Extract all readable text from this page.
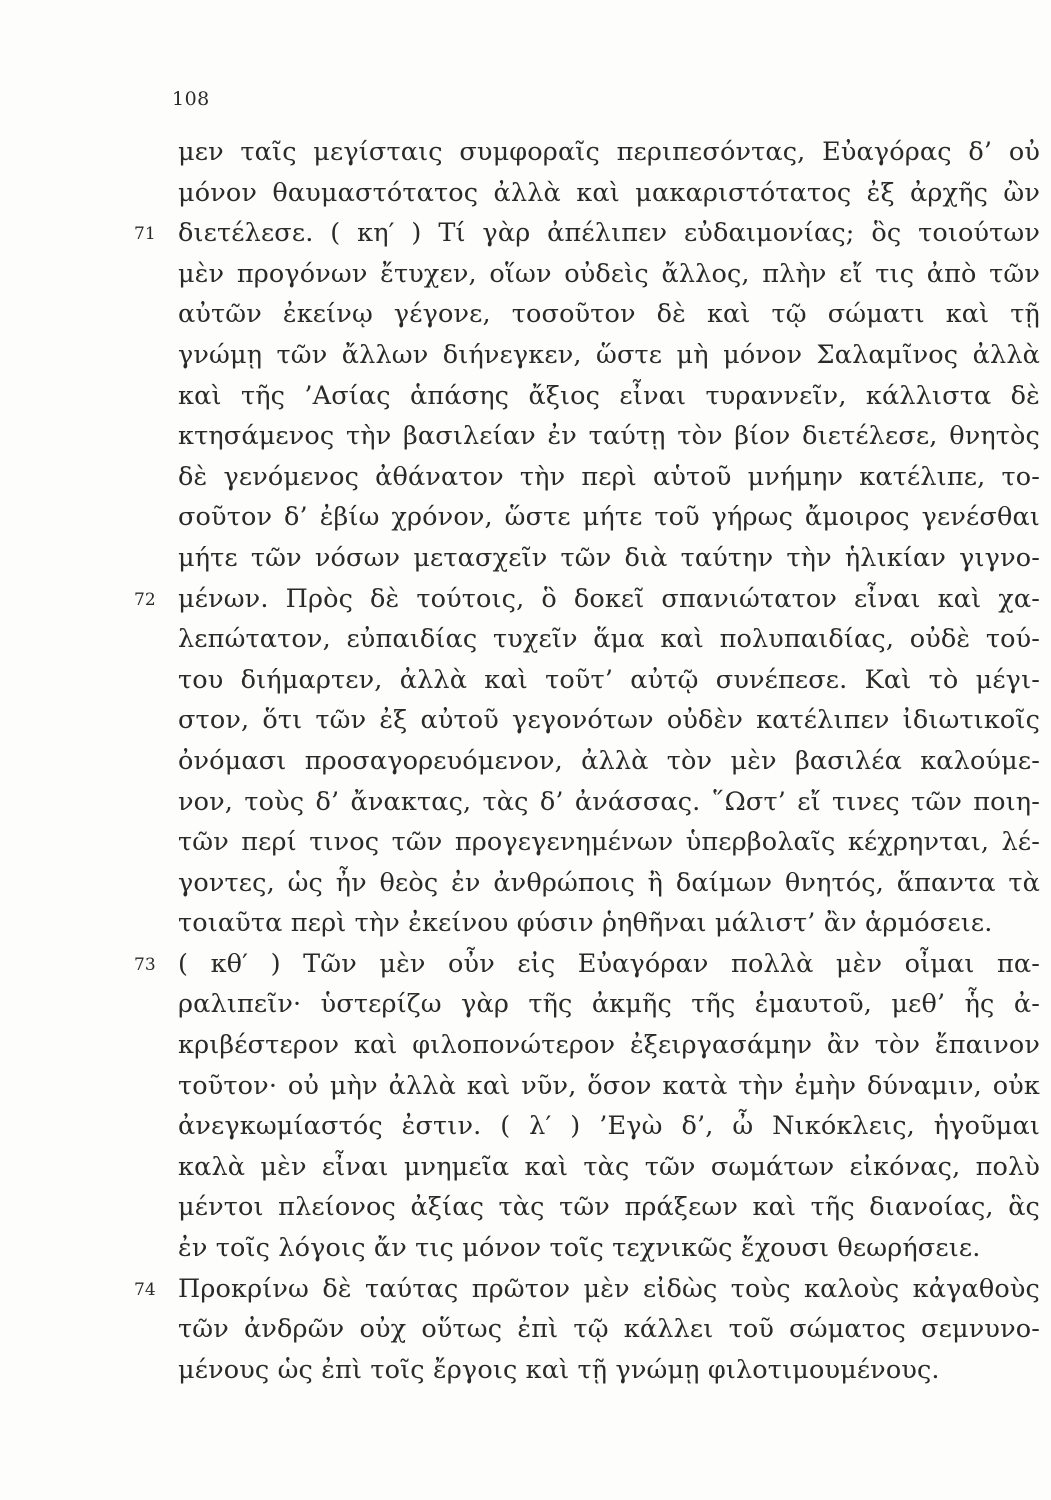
108
μεν ταῖς μεγίσταις συμφοραῖς περιπεσόντας, Εὐαγόρας δ’ οὐ
μόνον θαυμαστότατος ἀλλὰ καὶ μακαριστότατος ἐξ ἀρχῆς ὢν
διετέλεσε. ( κη′ ) Τί γὰρ ἀπέλιπεν εὐδαιμονίας; ὃς τοιούτων
71
μὲν προγόνων ἔτυχεν, οἵων οὐδεὶς ἄλλος, πλὴν εἴ τις ἀπὸ τῶν
αὐτῶν ἐκείνῳ γέγονε, τοσοῦτον δὲ καὶ τῷ σώματι καὶ τῇ
γνώμῃ τῶν ἄλλων διήνεγκεν, ὥστε μὴ μόνον Σαλαμῖνος ἀλλὰ
καὶ τῆς ’Ασίας ἁπάσης ἄξιος εἶναι τυραννεῖν, κάλλιστα δὲ
κτησάμενος τὴν βασιλείαν ἐν ταύτῃ τὸν βίον διετέλεσε, θνητὸς
δὲ γενόμενος ἀθάνατον τὴν περὶ αὑτοῦ μνήμην κατέλιπε, το-
σοῦτον δ’ ἐβίω χρόνον, ὥστε μήτε τοῦ γήρως ἄμοιρος γενέσθαι
μήτε τῶν νόσων μετασχεῖν τῶν διὰ ταύτην τὴν ἡλικίαν γιγνο-
μένων. Πρὸς δὲ τούτοις, ὃ δοκεῖ σπανιώτατον εἶναι καὶ χα-
72
λεπώτατον, εὐπαιδίας τυχεῖν ἅμα καὶ πολυπαιδίας, οὐδὲ τού-
του διήμαρτεν, ἀλλὰ καὶ τοῦτ’ αὐτῷ συνέπεσε. Καὶ τὸ μέγι-
στον, ὅτι τῶν ἐξ αὐτοῦ γεγονότων οὐδὲν κατέλιπεν ἰδιωτικοῖς
ὀνόμασι προσαγορευόμενον, ἀλλὰ τὸν μὲν βασιλέα καλούμε-
νον, τοὺς δ’ ἄνακτας, τὰς δ’ ἀνάσσας. ῞Ωστ’ εἴ τινες τῶν ποιη-
τῶν περί τινος τῶν προγεγενημένων ὑπερβολαῖς κέχρηνται, λέ-
γοντες, ὡς ἦν θεὸς ἐν ἀνθρώποις ἢ δαίμων θνητός, ἅπαντα τὰ
τοιαῦτα περὶ τὴν ἐκείνου φύσιν ῥηθῆναι μάλιστ’ ἂν ἁρμόσειε.
( κθ′ ) Τῶν μὲν οὖν εἰς Εὐαγόραν πολλὰ μὲν οἶμαι πα-
73
ραλιπεῖν· ὑστερίζω γὰρ τῆς ἀκμῆς τῆς ἐμαυτοῦ, μεθ’ ἧς ἀ-
κριβέστερον καὶ φιλοπονώτερον ἐξειργασάμην ἂν τὸν ἔπαινον
τοῦτον· οὐ μὴν ἀλλὰ καὶ νῦν, ὅσον κατὰ τὴν ἐμὴν δύναμιν, οὐκ
ἀνεγκωμίαστός ἐστιν. ( λ′ ) ’Εγὼ δ’, ὦ Νικόκλεις, ἡγοῦμαι
καλὰ μὲν εἶναι μνημεῖα καὶ τὰς τῶν σωμάτων εἰκόνας, πολὺ
μέντοι πλείονος ἀξίας τὰς τῶν πράξεων καὶ τῆς διανοίας, ἃς
ἐν τοῖς λόγοις ἄν τις μόνον τοῖς τεχνικῶς ἔχουσι θεωρήσειε.
Προκρίνω δὲ ταύτας πρῶτον μὲν εἰδὼς τοὺς καλοὺς κἀγαθοὺς
74
τῶν ἀνδρῶν οὐχ οὕτως ἐπὶ τῷ κάλλει τοῦ σώματος σεμνυνο-
μένους ὡς ἐπὶ τοῖς ἔργοις καὶ τῇ γνώμῃ φιλοτιμουμένους.
